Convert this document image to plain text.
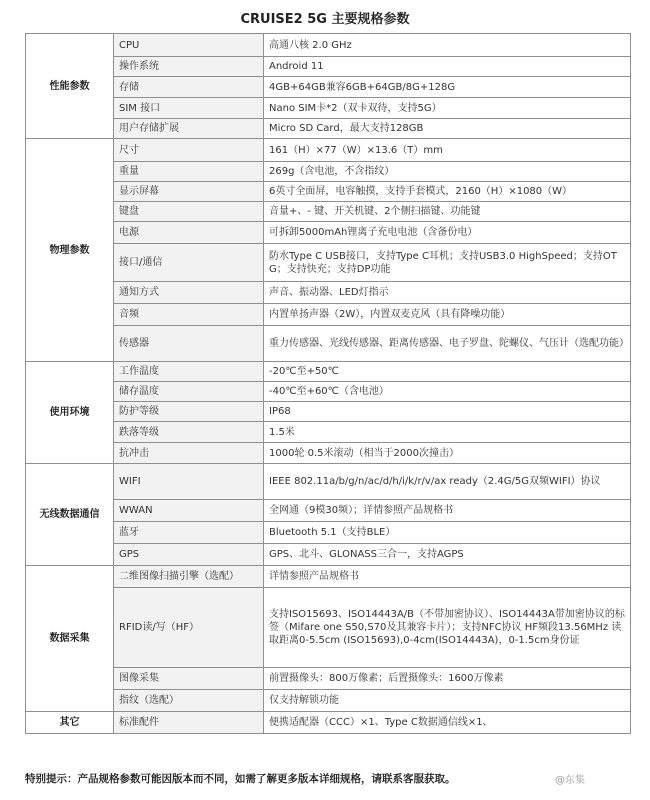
CRUISE2 5G 主要规格参数
性能参数	CPU	高通八核 2.0 GHz
	操作系统	Android 11
	存储	4GB+64GB兼容6GB+64GB/8G+128G
	SIM 接口	Nano SIM卡*2（双卡双待，支持5G）
	用户存储扩展	Micro SD Card，最大支持128GB
物理参数	尺寸	161（H）×77（W）×13.6（T）mm
	重量	269g（含电池，不含指纹）
	显示屏幕	6英寸全面屏，电容触摸，支持手套模式，2160（H）×1080（W）
	键盘	音量+、- 键、开关机键、2个侧扫描键、功能键
	电源	可拆卸5000mAh锂离子充电电池（含备份电）
	接口/通信	防水Type C USB接口，支持Type C耳机；支持USB3.0 HighSpeed；支持OTG；支持快充；支持DP功能
	通知方式	声音、振动器、LED灯指示
	音频	内置单扬声器（2W），内置双麦克风（具有降噪功能）
	传感器	重力传感器、光线传感器、距离传感器、电子罗盘、陀螺仪、气压计（选配功能）
使用环境	工作温度	-20℃至+50℃
	储存温度	-40℃至+60℃（含电池）
	防护等级	IP68
	跌落等级	1.5米
	抗冲击	1000轮 0.5米滚动（相当于2000次撞击）
无线数据通信	WIFI	IEEE 802.11a/b/g/n/ac/d/h/i/k/r/v/ax ready（2.4G/5G双频WIFI）协议
	WWAN	全网通（9模30频）；详情参照产品规格书
	蓝牙	Bluetooth 5.1（支持BLE）
	GPS	GPS、北斗、GLONASS三合一，支持AGPS
数据采集	二维图像扫描引擎（选配）	详情参照产品规格书
	RFID读/写（HF）	支持ISO15693、ISO14443A/B（不带加密协议）、ISO14443A带加密协议的标签（Mifare one S50,S70及其兼容卡片）；支持NFC协议 HF频段13.56MHz 读取距离0-5.5cm (ISO15693),0-4cm(ISO14443A)，0-1.5cm身份证
	图像采集	前置摄像头：800万像素；后置摄像头：1600万像素
	指纹（选配）	仅支持解锁功能
其它	标准配件	便携适配器（CCC）×1、Type C数据通信线×1、
特别提示：产品规格参数可能因版本而不同，如需了解更多版本详细规格，请联系客服获取。	@东集
